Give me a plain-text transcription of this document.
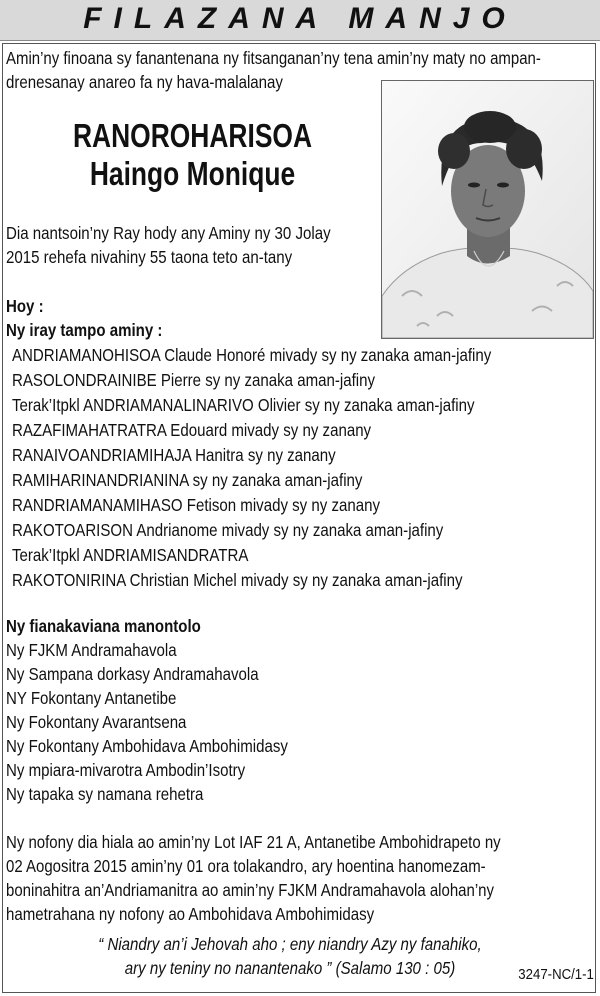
FILAZANA MANJO
Amin’ny finoana sy fanantenana ny fitsanganan’ny tena amin’ny maty no ampan-
drenesanay anareo fa ny hava-malalanay
RANOROHARISOA
Haingo Monique
Dia nantsoin’ny Ray hody any Aminy ny 30 Jolay
2015 rehefa nivahiny 55 taona teto an-tany
Hoy :
Ny iray tampo aminy :
ANDRIAMANOHISOA Claude Honoré mivady sy ny zanaka aman-jafiny
RASOLONDRAINIBE Pierre sy ny zanaka aman-jafiny
Terak’Itpkl ANDRIAMANALINARIVO Olivier sy ny zanaka aman-jafiny
RAZAFIMAHATRATRA Edouard mivady sy ny zanany
RANAIVOANDRIAMIHAJA Hanitra sy ny zanany
RAMIHARINANDRIANINA sy ny zanaka aman-jafiny
RANDRIAMANAMIHASO Fetison mivady sy ny zanany
RAKOTOARISON Andrianome mivady sy ny zanaka aman-jafiny
Terak’Itpkl ANDRIAMISANDRATRA
RAKOTONIRINA Christian Michel mivady sy ny zanaka aman-jafiny
Ny fianakaviana manontolo
Ny FJKM Andramahavola
Ny Sampana dorkasy Andramahavola
NY Fokontany Antanetibe
Ny Fokontany Avarantsena
Ny Fokontany Ambohidava Ambohimidasy
Ny mpiara-mivarotra Ambodin’Isotry
Ny tapaka sy namana rehetra
Ny nofony dia hiala ao amin’ny Lot IAF 21 A, Antanetibe Ambohidrapeto ny
02 Aogositra 2015 amin’ny 01 ora tolakandro, ary hoentina hanomezam-
boninahitra an’Andriamanitra ao amin’ny FJKM Andramahavola alohan’ny
hametrahana ny nofony ao Ambohidava Ambohimidasy
“ Niandry an’i Jehovah aho ; eny niandry Azy ny fanahiko,
ary ny teniny no nanantenako ” (Salamo 130 : 05)	3247-NC/1-1
